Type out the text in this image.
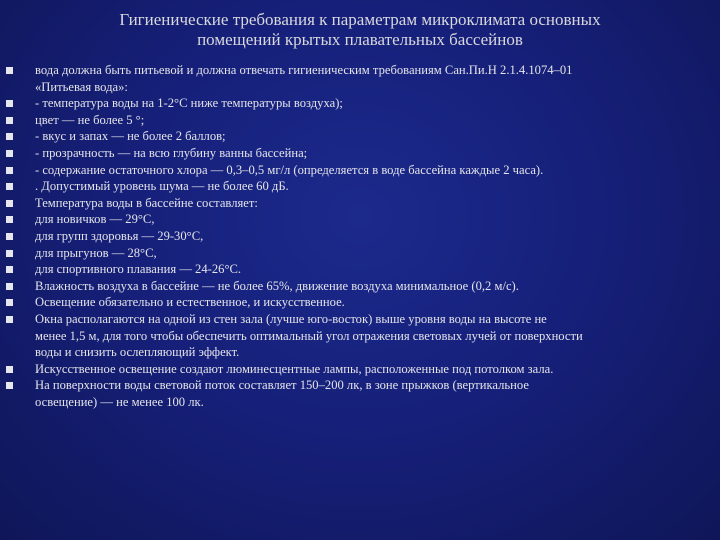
Гигиенические требования к параметрам микроклимата основных
помещений крытых плавательных бассейнов
вода должна быть питьевой и должна отвечать гигиеническим требованиям Сан.Пи.Н 2.1.4.1074–01
«Питьевая вода»:
- температура воды на 1-2°С ниже температуры воздуха);
цвет — не более 5 °;
- вкус и запах — не более 2 баллов;
- прозрачность — на всю глубину ванны бассейна;
- содержание остаточного хлора — 0,3–0,5 мг/л (определяется в воде бассейна каждые 2 часа).
. Допустимый уровень шума — не более 60 дБ.
Температура воды в бассейне составляет:
для новичков — 29°С,
для групп здоровья — 29-30°С,
для прыгунов — 28°С,
для спортивного плавания — 24-26°С.
Влажность воздуха в бассейне — не более 65%, движение воздуха минимальное (0,2 м/с).
Освещение обязательно и естественное, и искусственное.
Окна располагаются на одной из стен зала (лучше юго-восток) выше уровня воды на высоте не
менее 1,5 м, для того чтобы обеспечить оптимальный угол отражения световых лучей от поверхности
воды и снизить ослепляющий эффект.
Искусственное освещение создают люминесцентные лампы, расположенные под потолком зала.
На поверхности воды световой поток составляет 150–200 лк, в зоне прыжков (вертикальное
освещение) — не менее 100 лк.
